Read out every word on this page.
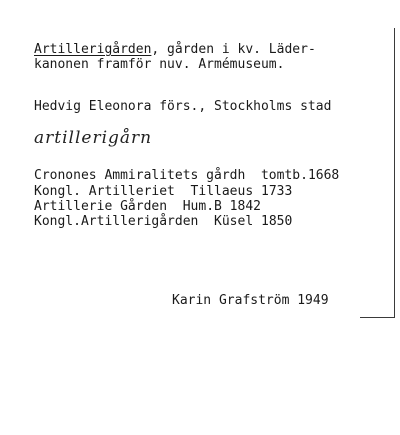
Artillerigården, gården i kv. Läder-
kanonen framför nuv. Armémuseum.
Hedvig Eleonora förs., Stockholms stad
artillerigårn
Cronones Ammiralitets gårdh tomtb.1668
Kongl. Artilleriet Tillaeus 1733
Artillerie Gården Hum.B 1842
Kongl.Artillerigården Küsel 1850
Karin Grafström 1949
